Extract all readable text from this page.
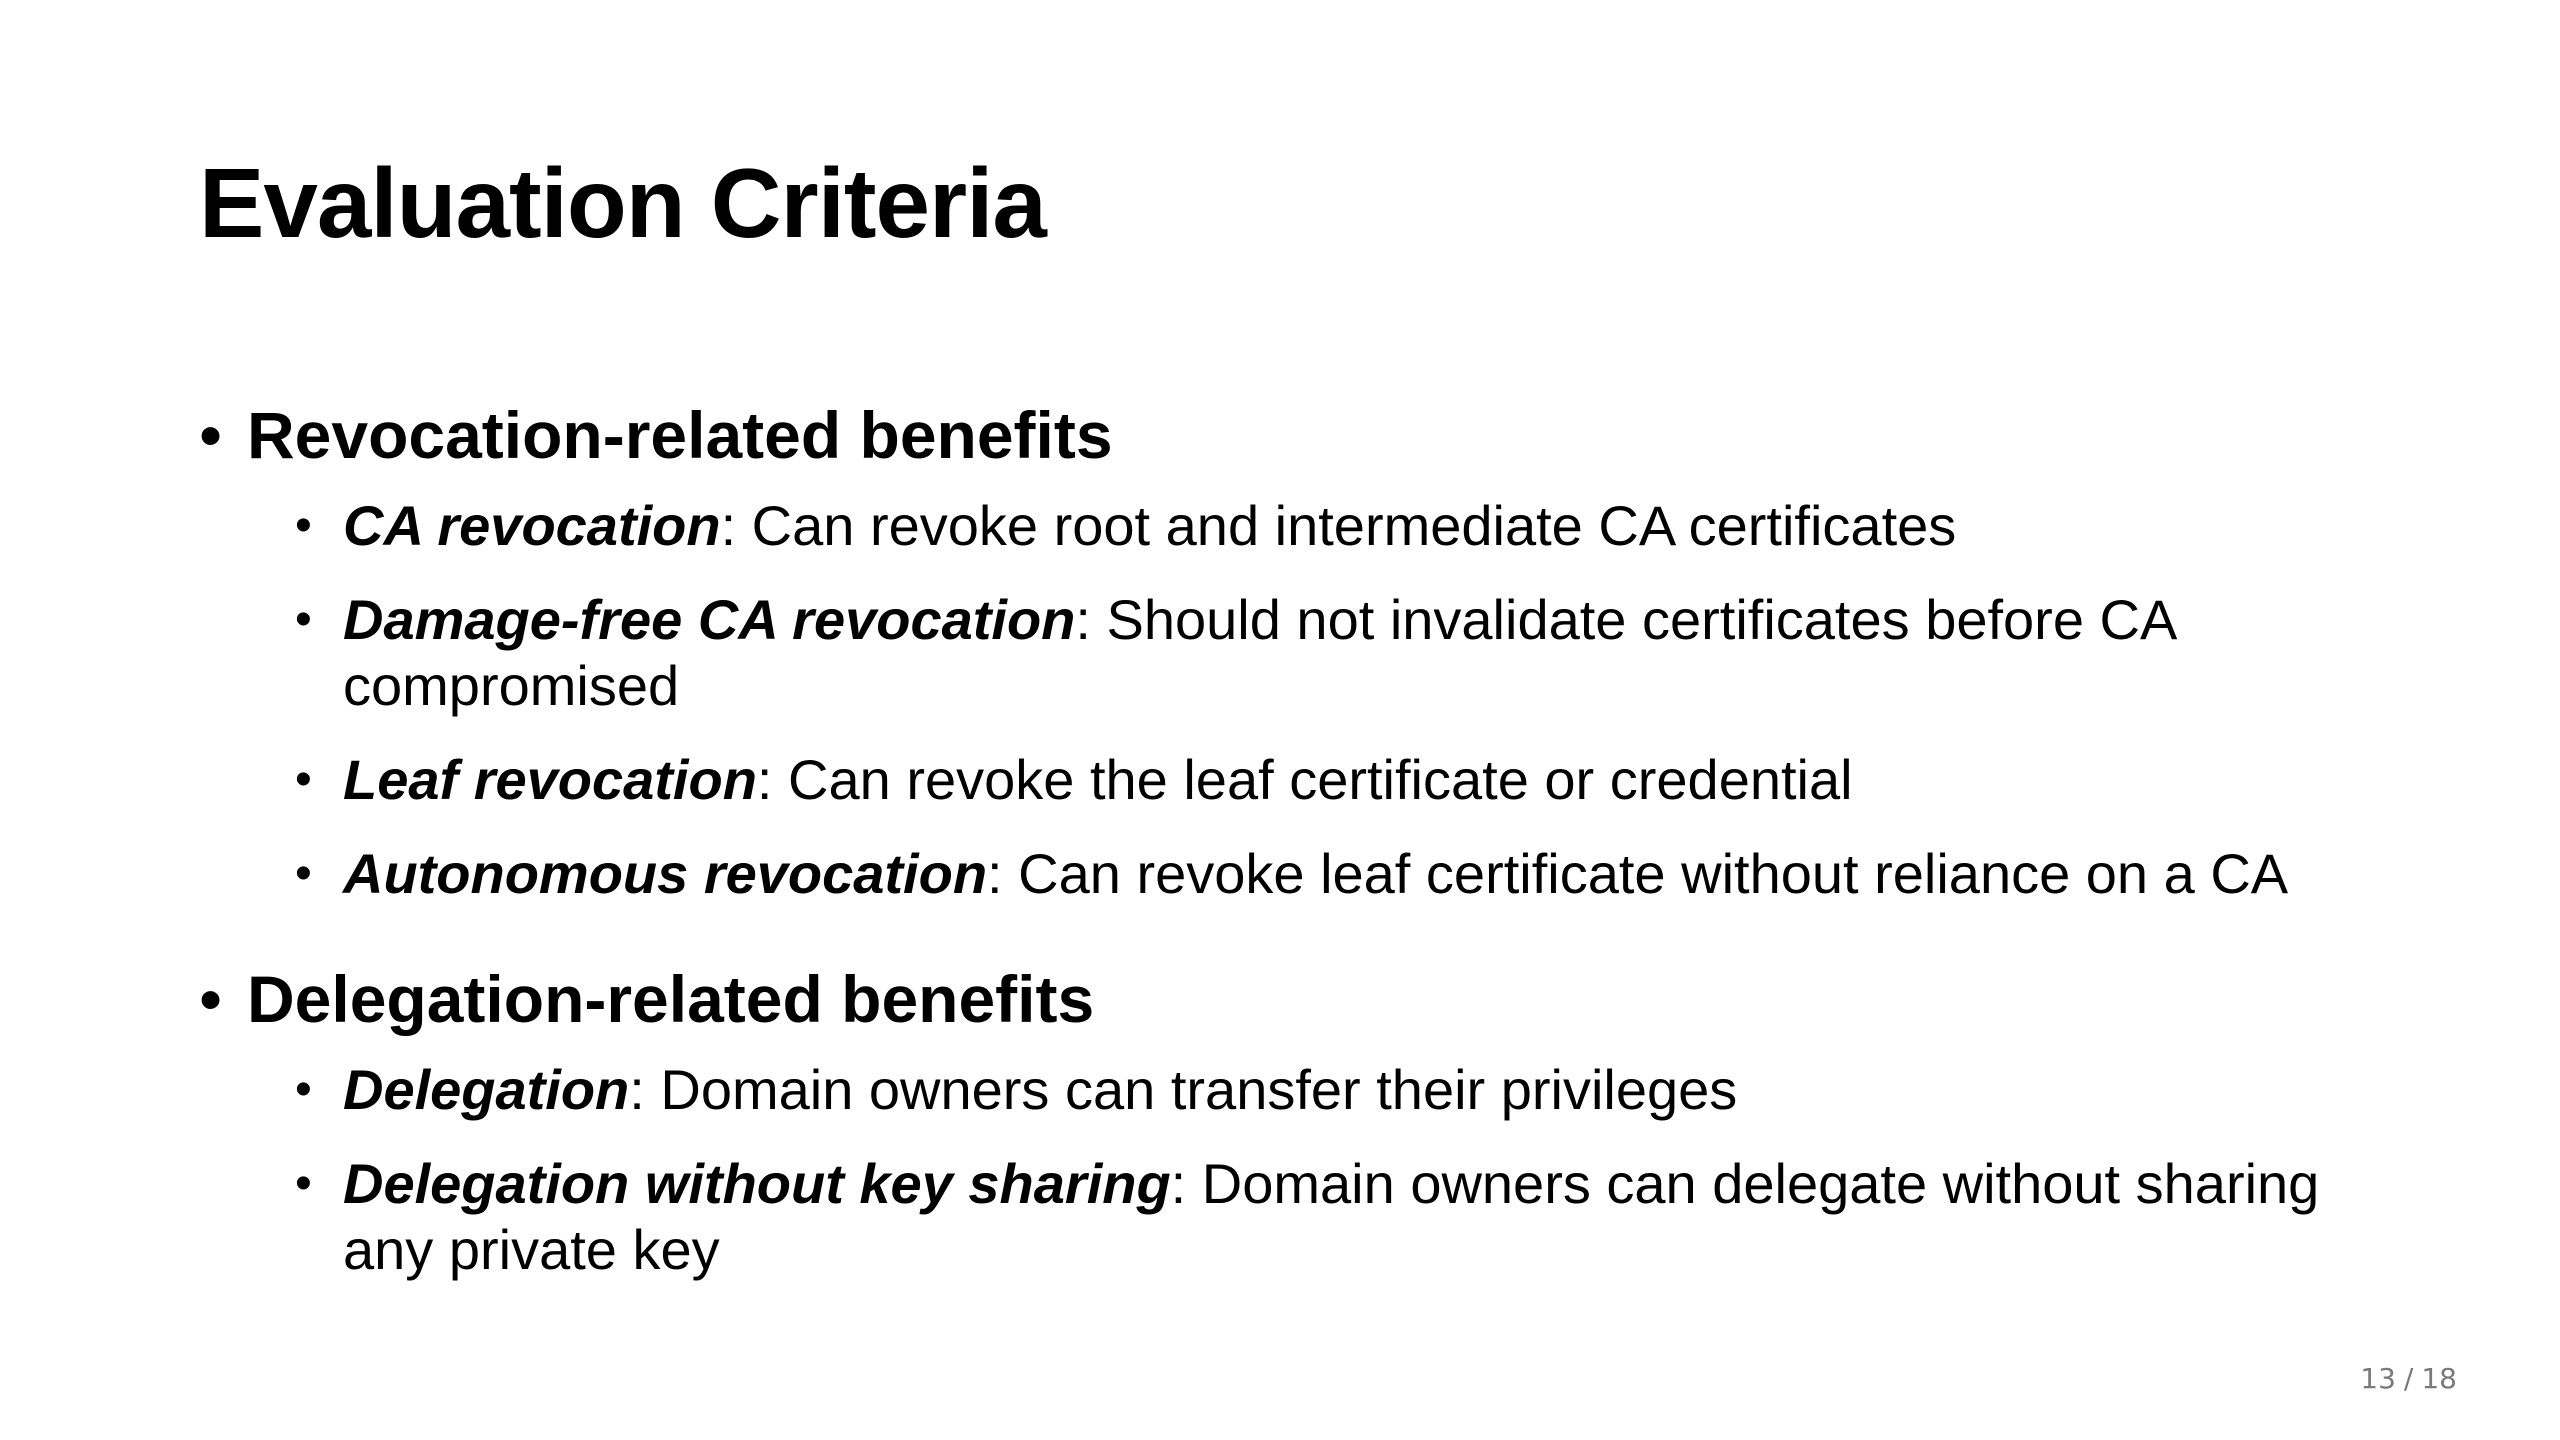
Evaluation Criteria
• Revocation-related benefits
• CA revocation: Can revoke root and intermediate CA certificates
• Damage-free CA revocation: Should not invalidate certificates before CA compromised
• Leaf revocation: Can revoke the leaf certificate or credential
• Autonomous revocation: Can revoke leaf certificate without reliance on a CA
• Delegation-related benefits
• Delegation: Domain owners can transfer their privileges
• Delegation without key sharing: Domain owners can delegate without sharing any private key
13 / 18
